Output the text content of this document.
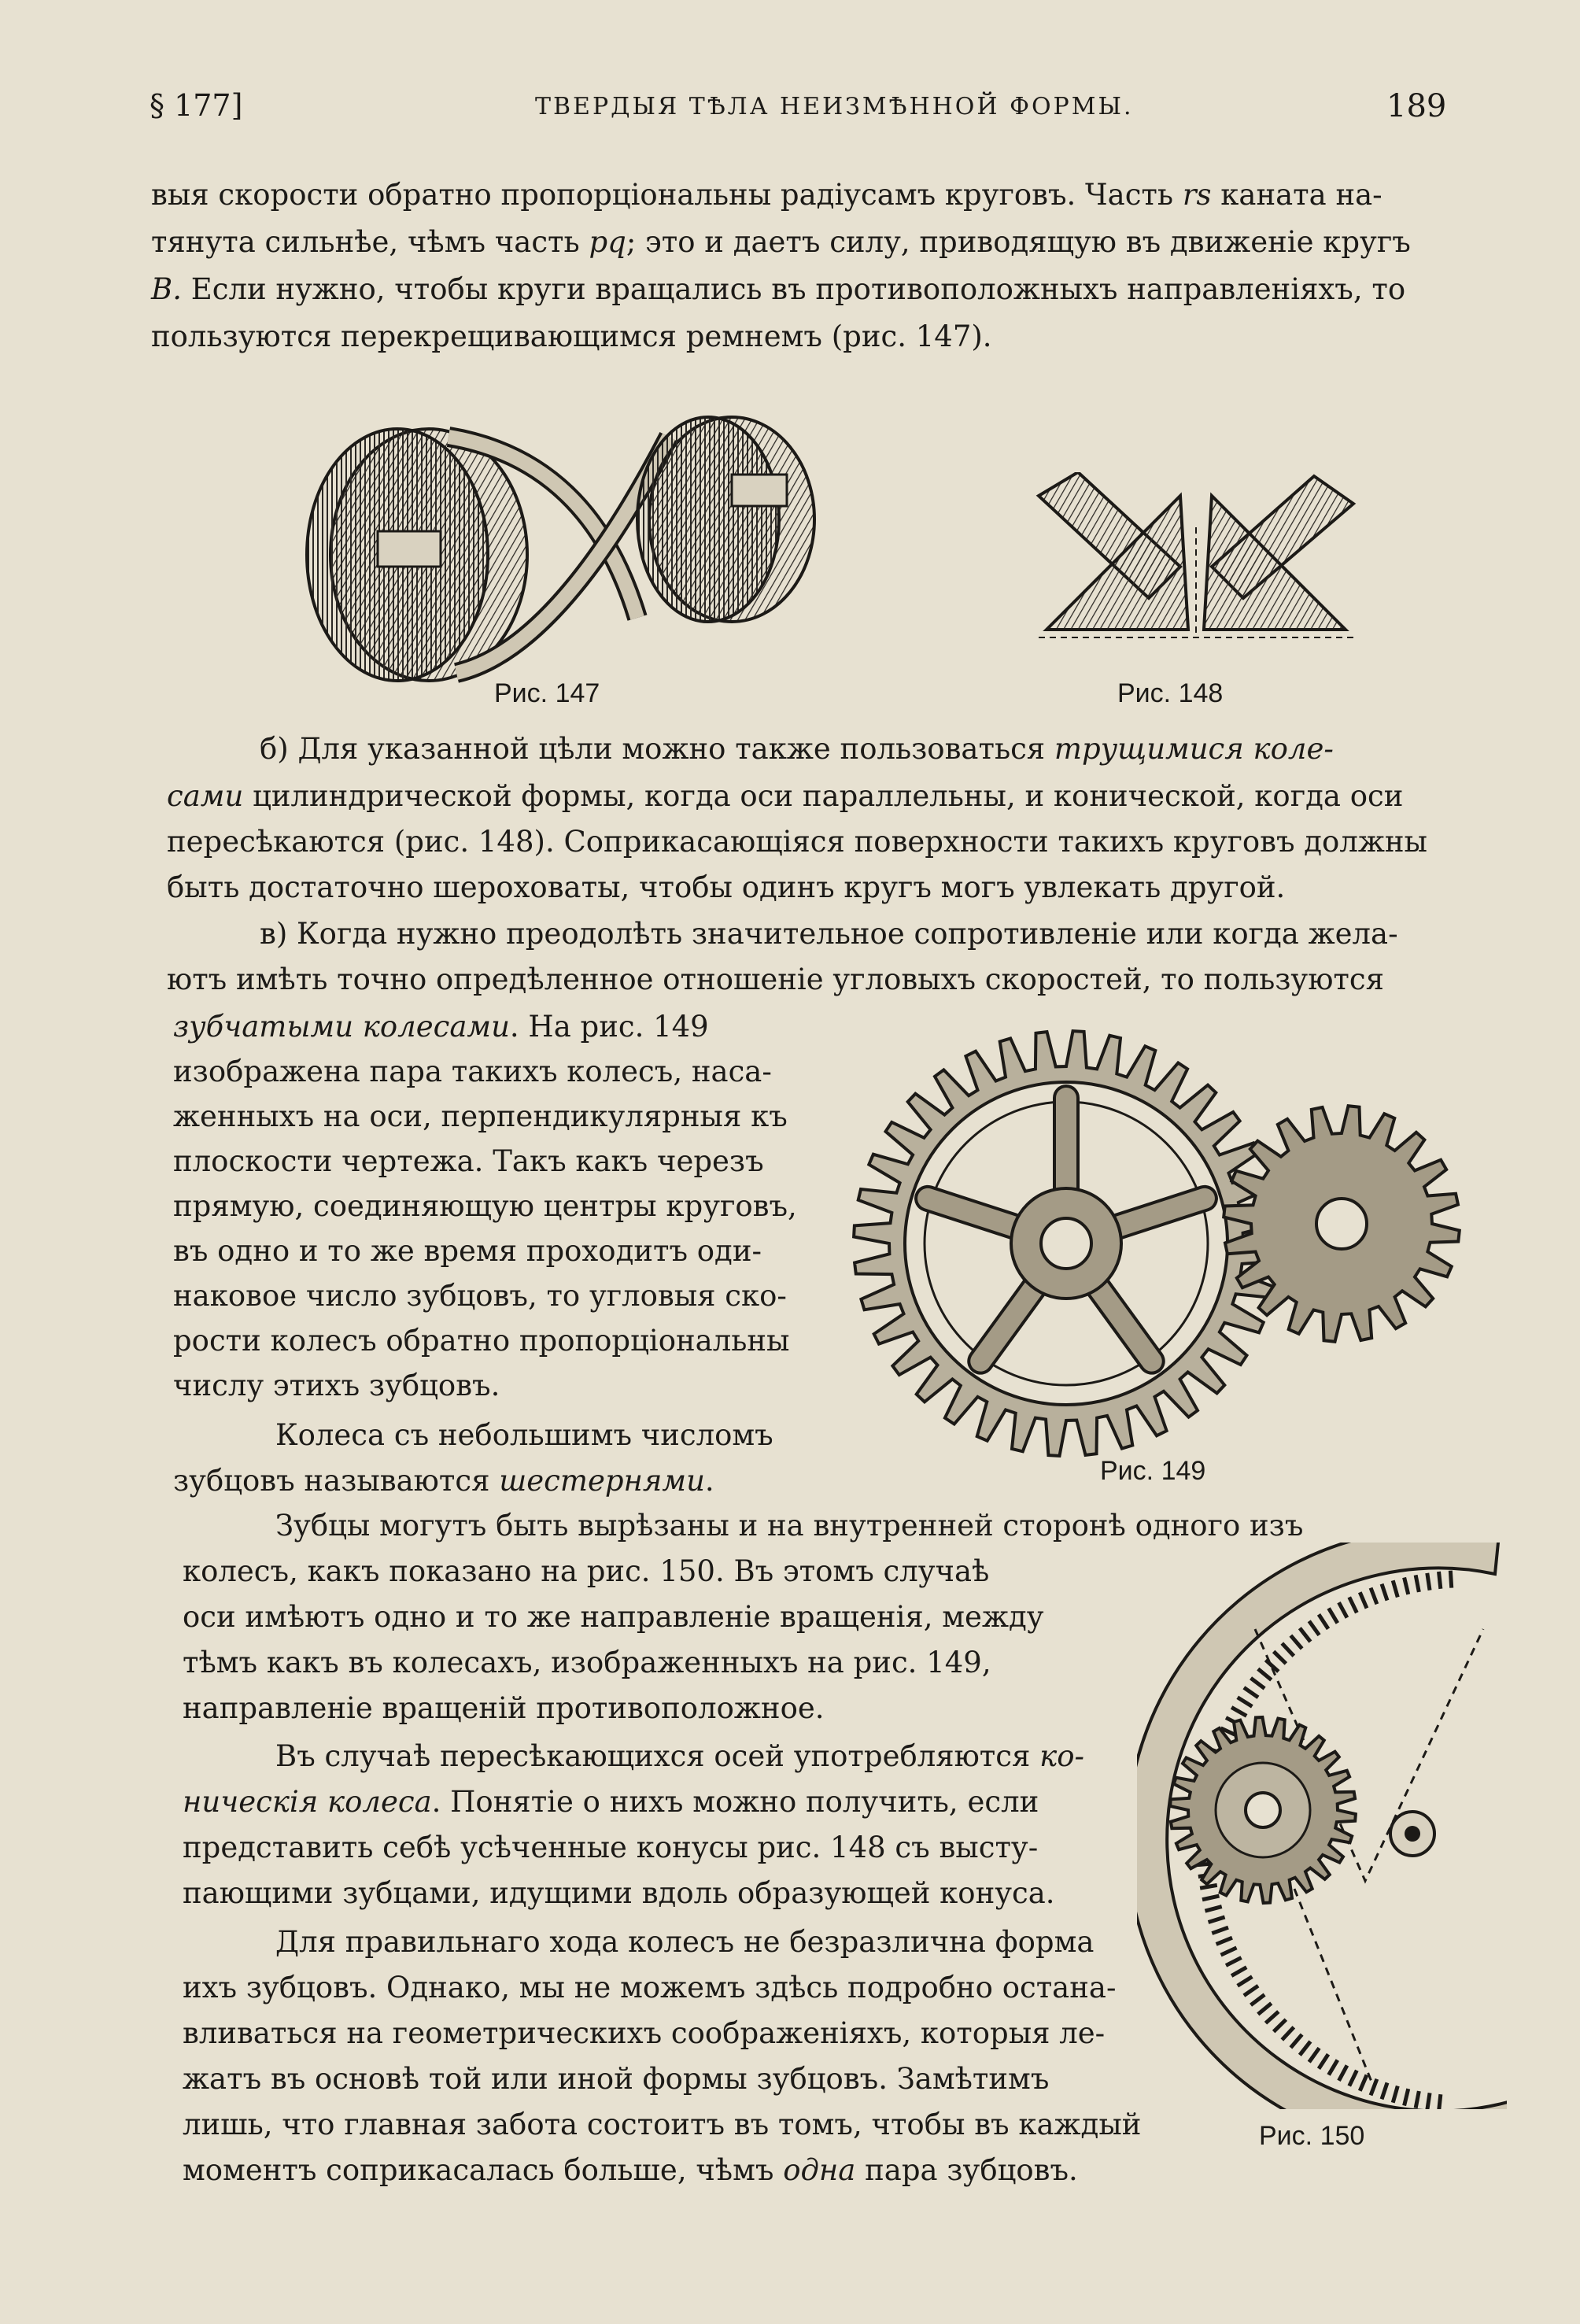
§ 177]	ТВЕРДЫЯ ТѢЛА НЕИЗМѢННОЙ ФОРМЫ.	189
выя скорости обратно пропорціональны радіусамъ круговъ. Часть rs каната на-
тянута сильнѣе, чѣмъ часть pq; это и даетъ силу, приводящую въ движеніе кругъ
B. Если нужно, чтобы круги вращались въ противоположныхъ направленіяхъ, то
пользуются перекрещивающимся ремнемъ (рис. 147).
Рис. 147	Рис. 148
б) Для указанной цѣли можно также пользоваться трущимися коле-
сами цилиндрической формы, когда оси параллельны, и конической, когда оси
пересѣкаются (рис. 148). Соприкасающіяся поверхности такихъ круговъ должны
быть достаточно шероховаты, чтобы одинъ кругъ могъ увлекать другой.
в) Когда нужно преодолѣть значительное сопротивленіе или когда жела-
ютъ имѣть точно опредѣленное отношеніе угловыхъ скоростей, то пользуются
зубчатыми колесами. На рис. 149
изображена пара такихъ колесъ, наса-
женныхъ на оси, перпендикулярныя къ
плоскости чертежа. Такъ какъ черезъ
прямую, соединяющую центры круговъ,
въ одно и то же время проходитъ оди-
наковое число зубцовъ, то угловыя ско-
рости колесъ обратно пропорціональны
числу этихъ зубцовъ.
Рис. 149
Колеса съ небольшимъ числомъ
зубцовъ называются шестернями.
Зубцы могутъ быть вырѣзаны и на внутренней сторонѣ одного изъ
колесъ, какъ показано на рис. 150. Въ этомъ случаѣ
оси имѣютъ одно и то же направленіе вращенія, между
тѣмъ какъ въ колесахъ, изображенныхъ на рис. 149,
направленіе вращеній противоположное.
Въ случаѣ пересѣкающихся осей употребляются ко-
ническія колеса. Понятіе о нихъ можно получить, если
представить себѣ усѣченные конусы рис. 148 съ высту-
пающими зубцами, идущими вдоль образующей конуса.
Для правильнаго хода колесъ не безразлична форма
ихъ зубцовъ. Однако, мы не можемъ здѣсь подробно остана-
вливаться на геометрическихъ соображеніяхъ, которыя ле-
жатъ въ основѣ той или иной формы зубцовъ. Замѣтимъ
лишь, что главная забота состоитъ въ томъ, чтобы въ каждый
моментъ соприкасалась больше, чѣмъ одна пара зубцовъ.
Рис. 150
